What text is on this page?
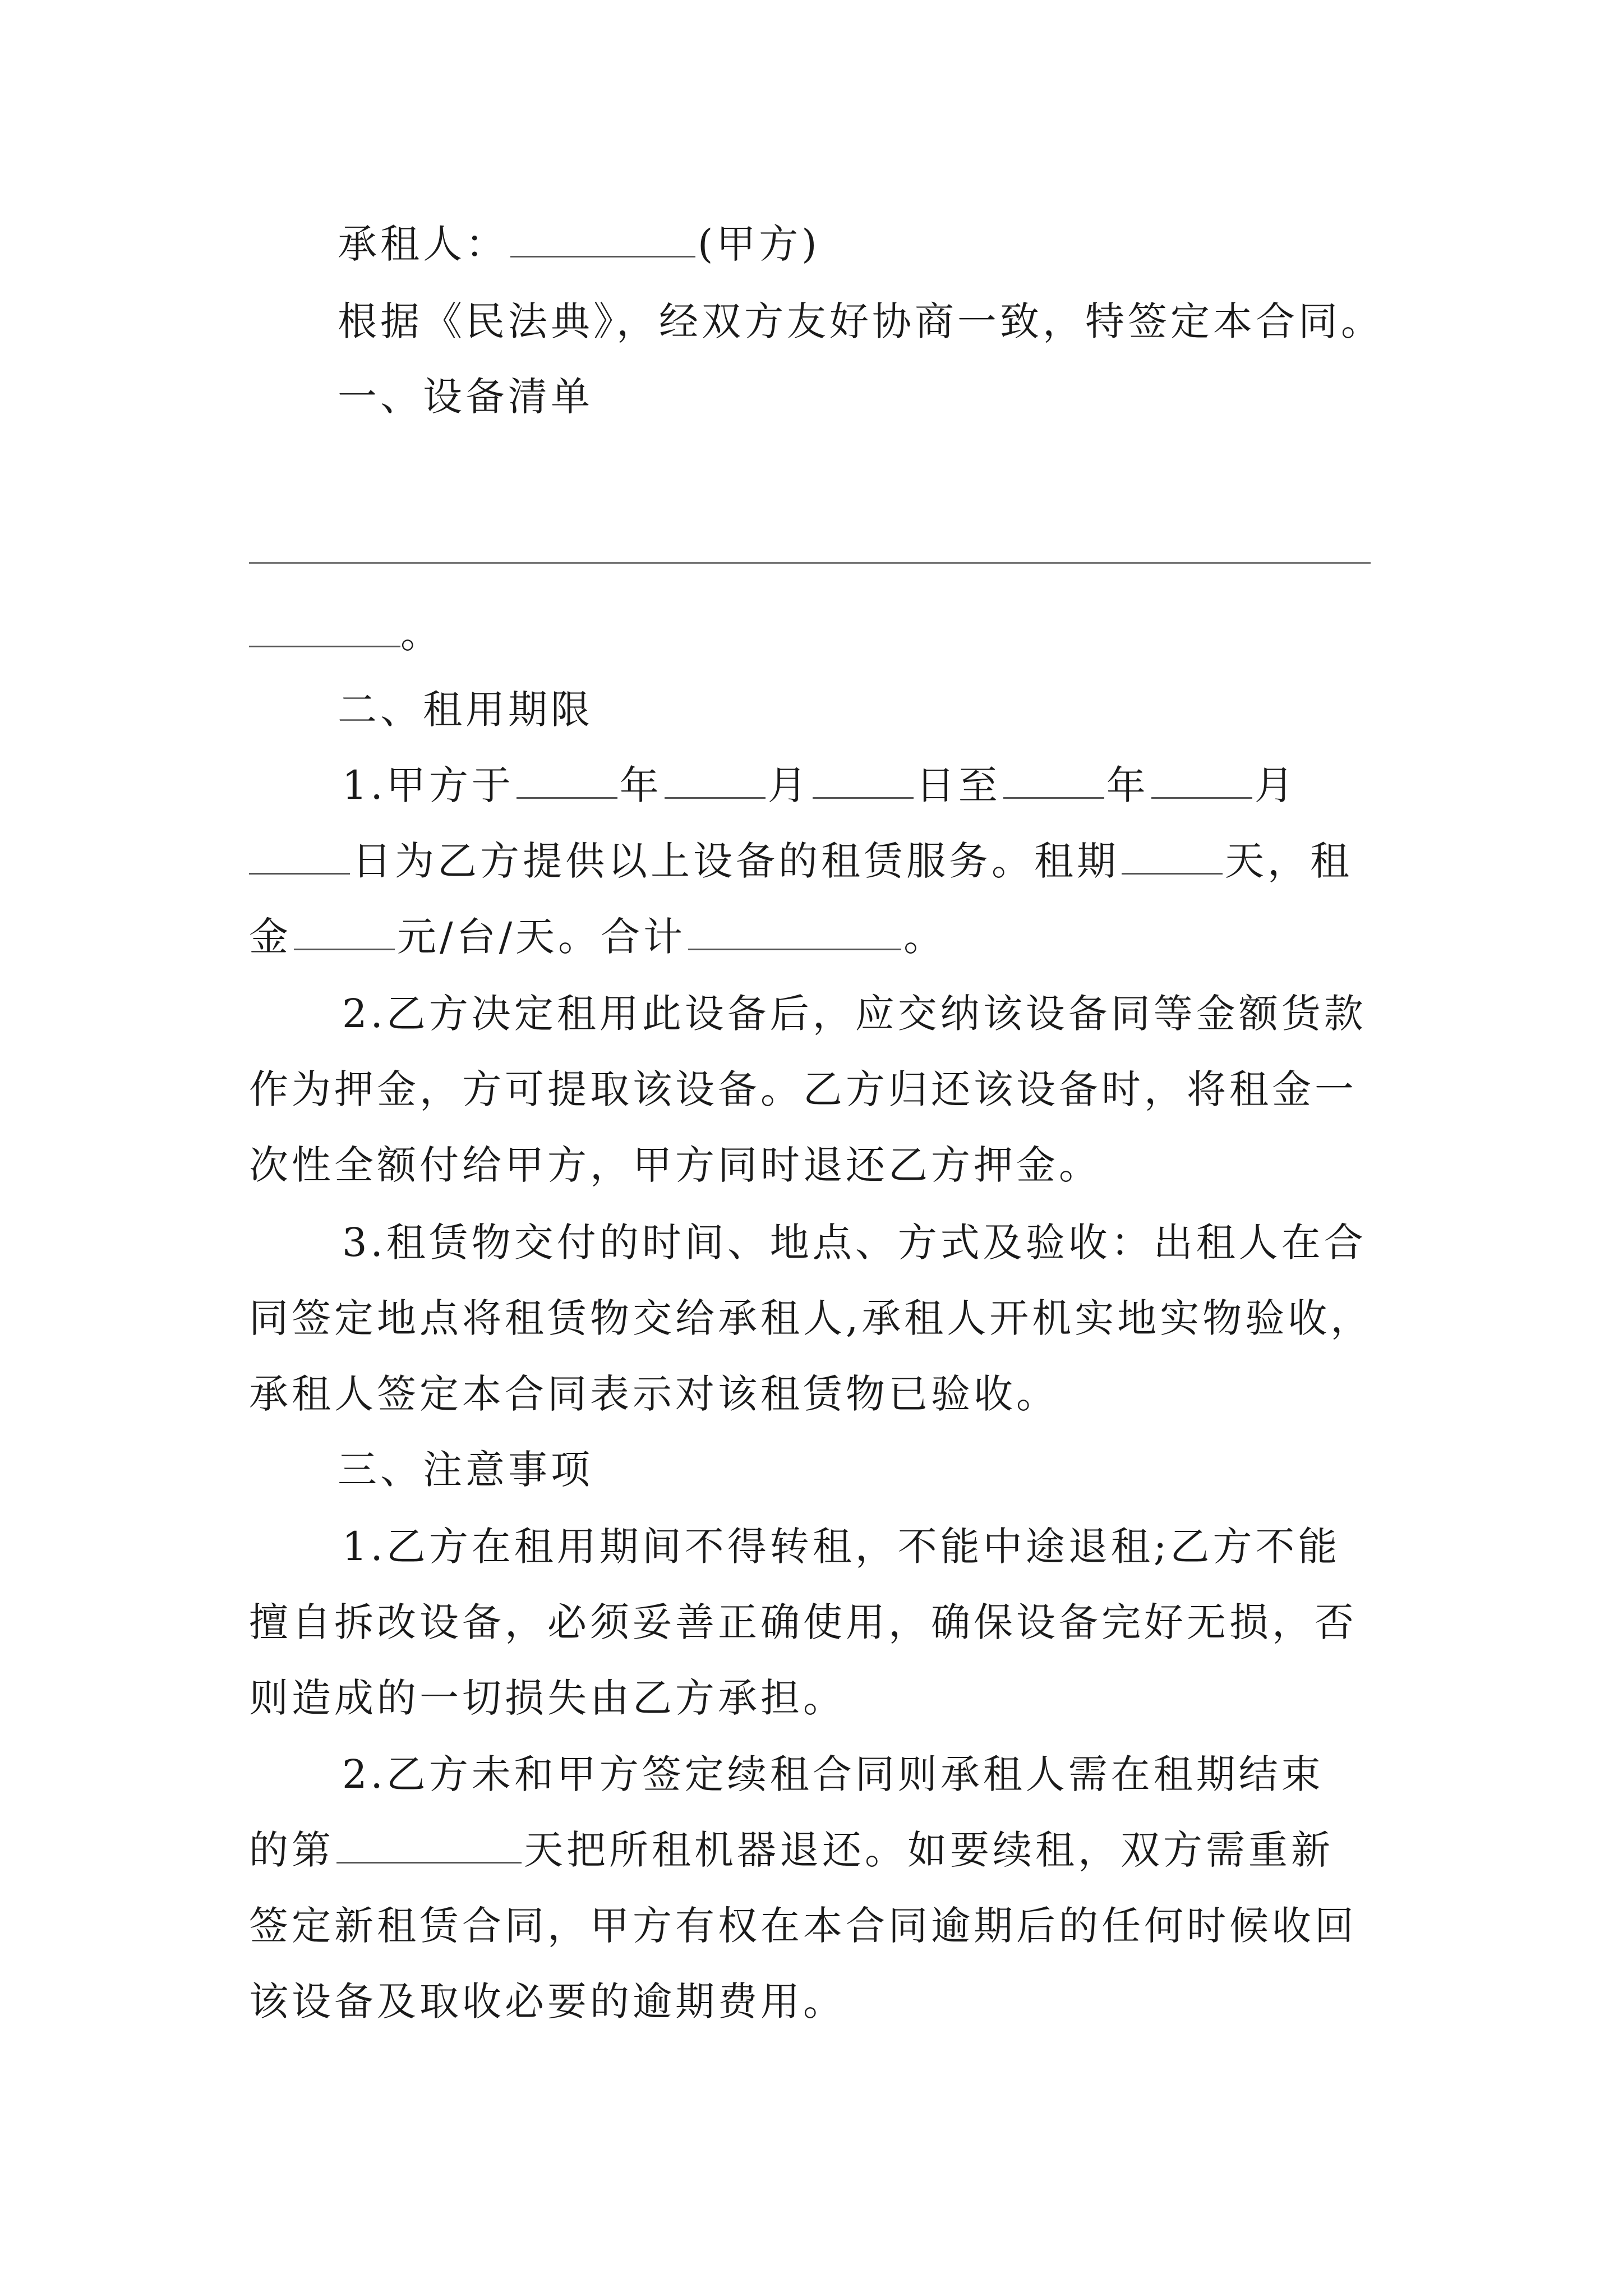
承租人：	(甲方)
根据《民法典》，经双方友好协商一致，特签定本合同。
一、设备清单
。
二、租用期限
1.甲方于	年	月	日至	年	月
日为乙方提供以上设备的租赁服务。租期	天，租
金	元/台/天。合计	。
2.乙方决定租用此设备后，应交纳该设备同等金额货款
作为押金，方可提取该设备。乙方归还该设备时，将租金一
次性全额付给甲方，甲方同时退还乙方押金。
3.租赁物交付的时间、地点、方式及验收：出租人在合
同签定地点将租赁物交给承租人,承租人开机实地实物验收，
承租人签定本合同表示对该租赁物已验收。
三、注意事项
1.乙方在租用期间不得转租，不能中途退租;乙方不能
擅自拆改设备，必须妥善正确使用，确保设备完好无损，否
则造成的一切损失由乙方承担。
2.乙方未和甲方签定续租合同则承租人需在租期结束
的第	天把所租机器退还。如要续租，双方需重新
签定新租赁合同，甲方有权在本合同逾期后的任何时候收回
该设备及取收必要的逾期费用。
